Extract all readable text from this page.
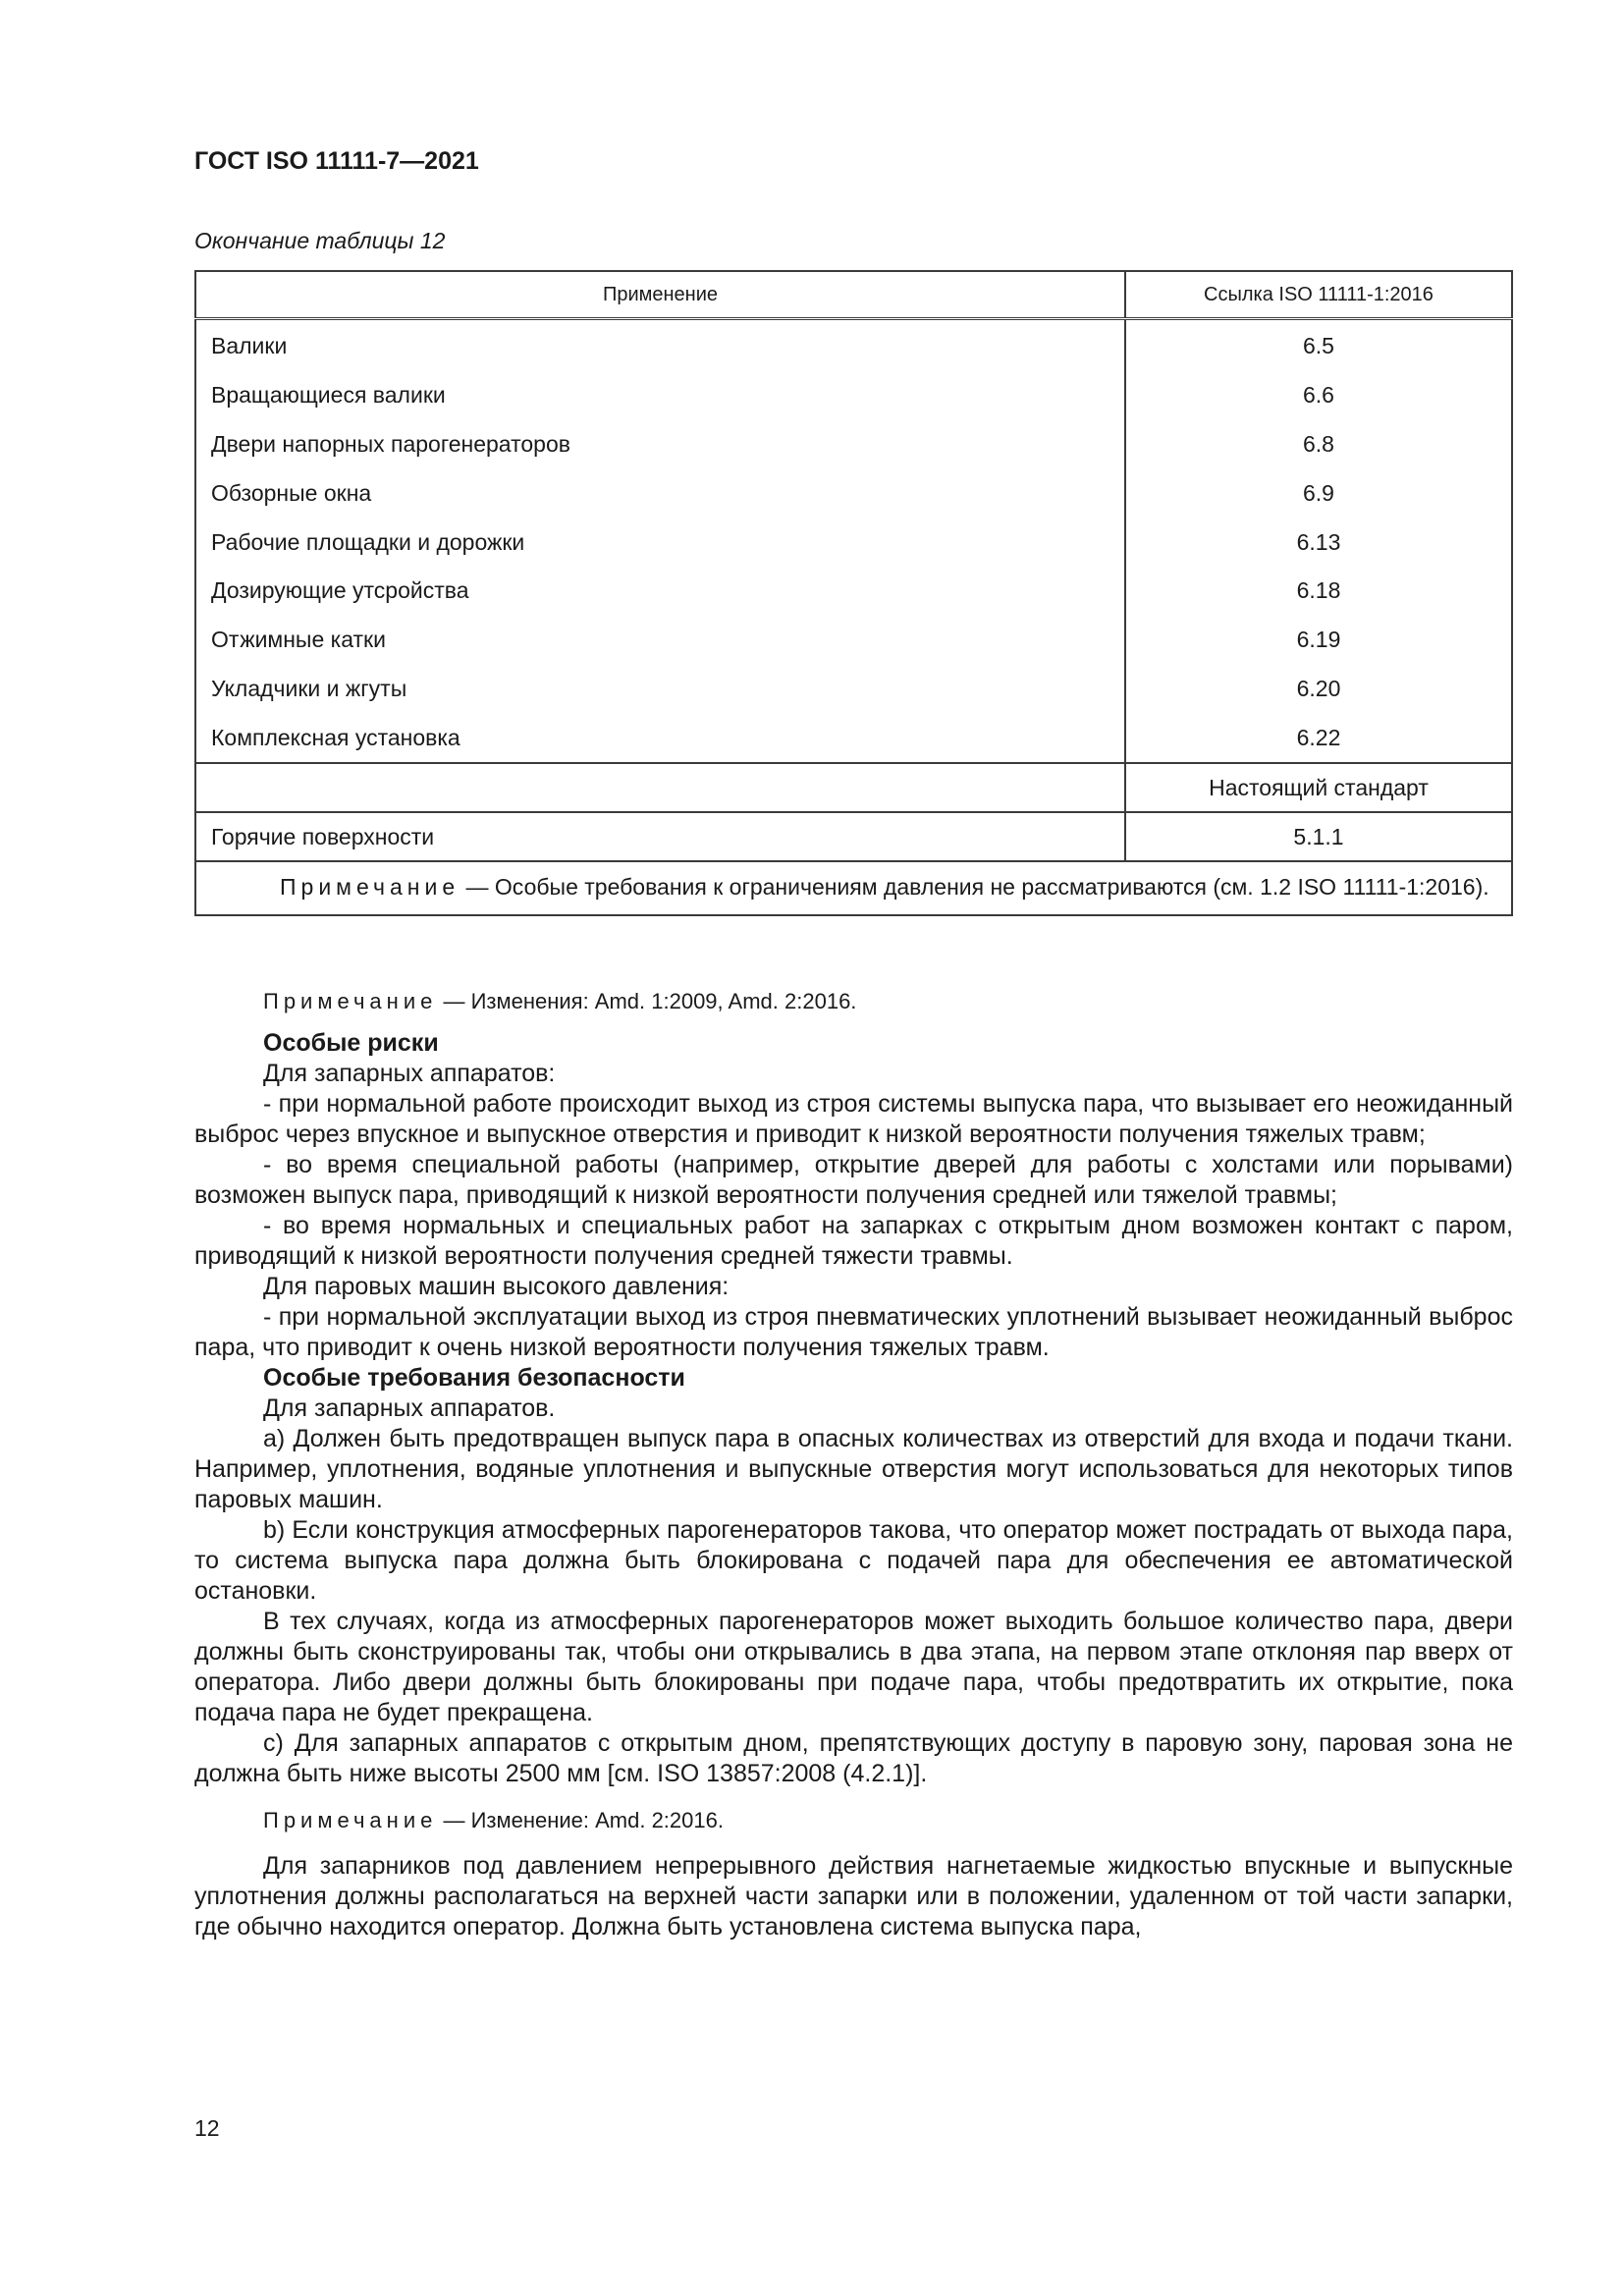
ГОСТ ISO 11111-7—2021
Окончание таблицы 12
Применение	Ссылка ISO 11111-1:2016
Валики	6.5
Вращающиеся валики	6.6
Двери напорных парогенераторов	6.8
Обзорные окна	6.9
Рабочие площадки и дорожки	6.13
Дозирующие утсройства	6.18
Отжимные катки	6.19
Укладчики и жгуты	6.20
Комплексная установка	6.22
	Настоящий стандарт
Горячие поверхности	5.1.1
Примечание — Особые требования к ограничениям давления не рассматриваются (см. 1.2 ISO 11111-1:2016).	

Примечание — Изменения: Amd. 1:2009, Amd. 2:2016.

Особые риски

Для запарных аппаратов:

- при нормальной работе происходит выход из строя системы выпуска пара, что вызывает его неожиданный выброс через впускное и выпускное отверстия и приводит к низкой вероятности получения тяжелых травм;

- во время специальной работы (например, открытие дверей для работы с холстами или порывами) возможен выпуск пара, приводящий к низкой вероятности получения средней или тяжелой травмы;

- во время нормальных и специальных работ на запарках с открытым дном возможен контакт с паром, приводящий к низкой вероятности получения средней тяжести травмы.

Для паровых машин высокого давления:

- при нормальной эксплуатации выход из строя пневматических уплотнений вызывает неожиданный выброс пара, что приводит к очень низкой вероятности получения тяжелых травм.

Особые требования безопасности

Для запарных аппаратов.

a) Должен быть предотвращен выпуск пара в опасных количествах из отверстий для входа и подачи ткани. Например, уплотнения, водяные уплотнения и выпускные отверстия могут использоваться для некоторых типов паровых машин.

b) Если конструкция атмосферных парогенераторов такова, что оператор может пострадать от выхода пара, то система выпуска пара должна быть блокирована с подачей пара для обеспечения ее автоматической остановки.

В тех случаях, когда из атмосферных парогенераторов может выходить большое количество пара, двери должны быть сконструированы так, чтобы они открывались в два этапа, на первом этапе отклоняя пар вверх от оператора. Либо двери должны быть блокированы при подаче пара, чтобы предотвратить их открытие, пока подача пара не будет прекращена.

c) Для запарных аппаратов с открытым дном, препятствующих доступу в паровую зону, паровая зона не должна быть ниже высоты 2500 мм [см. ISO 13857:2008 (4.2.1)].

Примечание — Изменение: Amd. 2:2016.

Для запарников под давлением непрерывного действия нагнетаемые жидкостью впускные и выпускные уплотнения должны располагаться на верхней части запарки или в положении, удаленном от той части запарки, где обычно находится оператор. Должна быть установлена система выпуска пара,

12
